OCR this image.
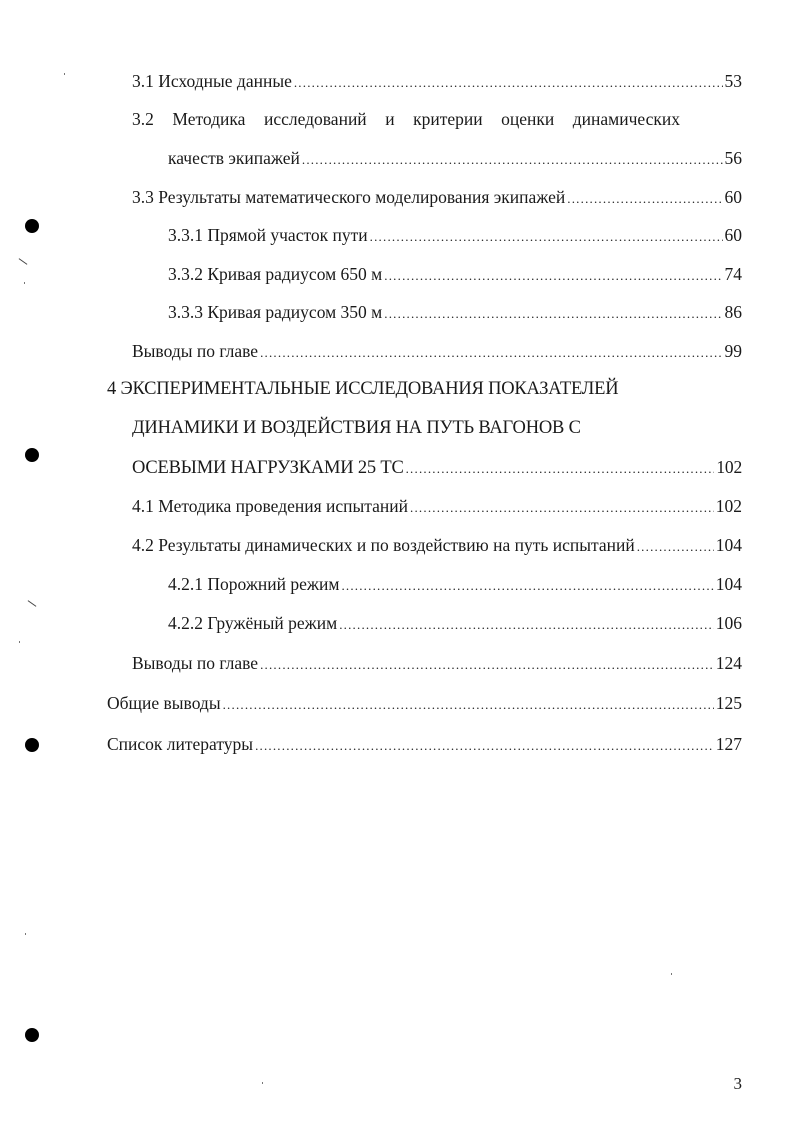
3.1 Исходные данные .....	53
3.2 Методика исследований и критерии оценки динамических
качеств экипажей .....	56
3.3 Результаты математического моделирования экипажей .....	60
3.3.1 Прямой участок пути .....	60
3.3.2 Кривая радиусом 650 м .....	74
3.3.3 Кривая радиусом 350 м .....	86
Выводы по главе .....	99
4 ЭКСПЕРИМЕНТАЛЬНЫЕ ИССЛЕДОВАНИЯ ПОКАЗАТЕЛЕЙ
ДИНАМИКИ И ВОЗДЕЙСТВИЯ НА ПУТЬ ВАГОНОВ С
ОСЕВЫМИ НАГРУЗКАМИ 25 ТС .....	102
4.1 Методика проведения испытаний .....	102
4.2 Результаты динамических и по воздействию на путь испытаний .....	104
4.2.1 Порожний режим .....	104
4.2.2 Гружёный режим .....	106
Выводы по главе .....	124
Общие выводы .....	125
Список литературы .....	127
3
